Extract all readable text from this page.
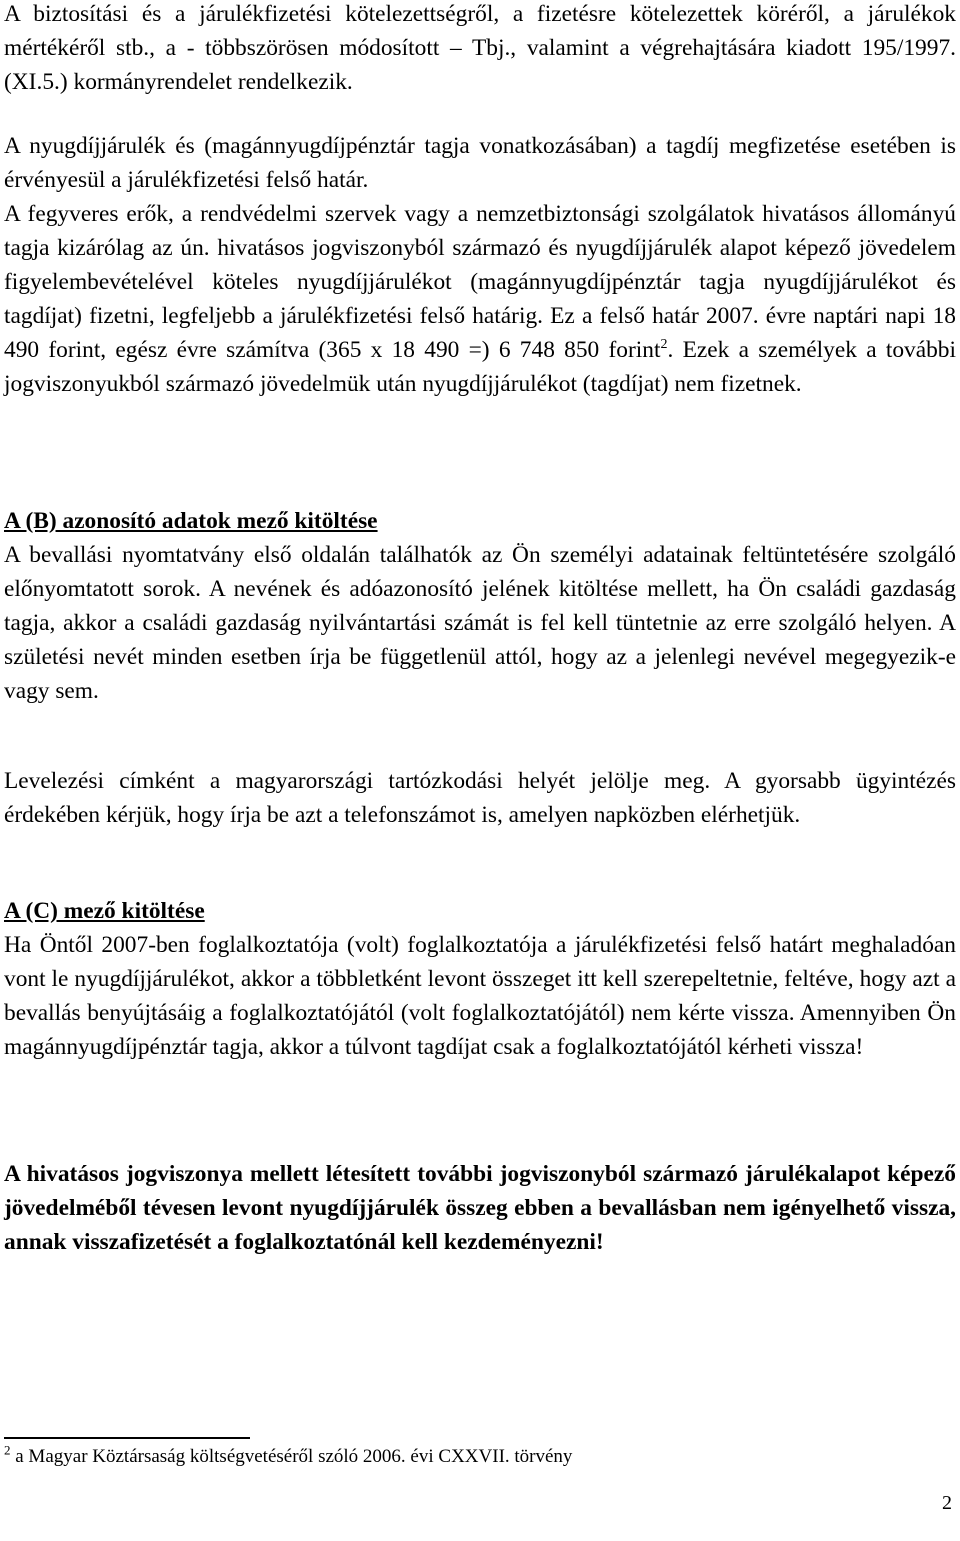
A biztosítási és a járulékfizetési kötelezettségről, a fizetésre kötelezettek köréről, a járulékok mértékéről stb., a - többszörösen módosított – Tbj., valamint a végrehajtására kiadott 195/1997. (XI.5.) kormányrendelet rendelkezik.
A nyugdíjjárulék és (magánnyugdíjpénztár tagja vonatkozásában) a tagdíj megfizetése esetében is érvényesül a járulékfizetési felső határ.
A fegyveres erők, a rendvédelmi szervek vagy a nemzetbiztonsági szolgálatok hivatásos állományú tagja kizárólag az ún. hivatásos jogviszonyból származó és nyugdíjjárulék alapot képező jövedelem figyelembevételével köteles nyugdíjjárulékot (magánnyugdíjpénztár tagja nyugdíjjárulékot és tagdíjat) fizetni, legfeljebb a járulékfizetési felső határig. Ez a felső határ 2007. évre naptári napi 18 490 forint, egész évre számítva (365 x 18 490 =) 6 748 850 forint$^2$. Ezek a személyek a további jogviszonyukból származó jövedelmük után nyugdíjjárulékot (tagdíjat) nem fizetnek.
A (B) azonosító adatok mező kitöltése
A bevallási nyomtatvány első oldalán találhatók az Ön személyi adatainak feltüntetésére szolgáló előnyomtatott sorok. A nevének és adóazonosító jelének kitöltése mellett, ha Ön családi gazdaság tagja, akkor a családi gazdaság nyilvántartási számát is fel kell tüntetnie az erre szolgáló helyen. A születési nevét minden esetben írja be függetlenül attól, hogy az a jelenlegi nevével megegyezik-e vagy sem.
Levelezési címként a magyarországi tartózkodási helyét jelölje meg. A gyorsabb ügyintézés érdekében kérjük, hogy írja be azt a telefonszámot is, amelyen napközben elérhetjük.
A (C) mező kitöltése
Ha Öntől 2007-ben foglalkoztatója (volt) foglalkoztatója a járulékfizetési felső határt meghaladóan vont le nyugdíjjárulékot, akkor a többletként levont összeget itt kell szerepeltetnie, feltéve, hogy azt a bevallás benyújtásáig a foglalkoztatójától (volt foglalkoztatójától) nem kérte vissza. Amennyiben Ön magánnyugdíjpénztár tagja, akkor a túlvont tagdíjat csak a foglalkoztatójától kérheti vissza!
A hivatásos jogviszonya mellett létesített további jogviszonyból származó járulékalapot képező jövedelméből tévesen levont nyugdíjjárulék összeg ebben a bevallásban nem igényelhető vissza, annak visszafizetését a foglalkoztatónál kell kezdeményezni!
$^2$ a Magyar Köztársaság költségvetéséről szóló 2006. évi CXXVII. törvény
2
